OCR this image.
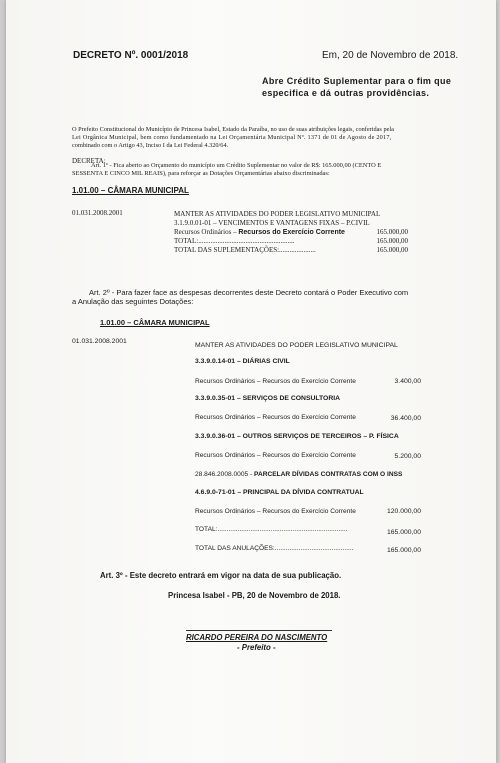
DECRETO Nº. 0001/2018	Em, 20 de Novembro de 2018.
Abre Crédito Suplementar para o fim que
especifica e dá outras providências.
O Prefeito Constitucional do Município de Princesa Isabel, Estado da Paraíba, no uso de suas atribuições legais, conferidas pela
Lei Orgânica Municipal, bem como fundamentado na Lei Orçamentária Municipal Nº. 1371 de 01 de Agosto de 2017,
combinado com o Artigo 43, Inciso I da Lei Federal 4.320/64.
DECRETA:
Art. 1º - Fica aberto ao Orçamento do município um Crédito Suplementar no valor de R$: 165.000,00 (CENTO E
SESSENTA E CINCO MIL REAIS), para reforçar as Dotações Orçamentárias abaixo discriminadas:
1.01.00 – CÂMARA MUNICIPAL
01.031.2008.2001	MANTER AS ATIVIDADES DO PODER LEGISLATIVO MUNICIPAL
3.1.9.0.01-01 – VENCIMENTOS E VANTAGENS FIXAS – P.CIVIL
Recursos Ordinários – Recursos do Exercício Corrente	165.000,00
TOTAL:.......................................................	165.000,00
TOTAL DAS SUPLEMENTAÇÕES:.....................	165.000,00
Art. 2º - Para fazer face as despesas decorrentes deste Decreto contará o Poder Executivo com
a Anulação das seguintes Dotações:
1.01.00 – CÂMARA MUNICIPAL
01.031.2008.2001
MANTER AS ATIVIDADES DO PODER LEGISLATIVO MUNICIPAL
3.3.9.0.14-01 – DIÁRIAS CIVIL
Recursos Ordinários – Recursos do Exercício Corrente	3.400,00
3.3.9.0.35-01 – SERVIÇOS DE CONSULTORIA
Recursos Ordinários – Recursos do Exercício Corrente	36.400,00
3.3.9.0.36-01 – OUTROS SERVIÇOS DE TERCEIROS – P. FÍSICA
Recursos Ordinários – Recursos do Exercício Corrente	5.200,00
28.846.2008.0005 - PARCELAR DÍVIDAS CONTRATAS COM O INSS
4.6.9.0-71-01 – PRINCIPAL DA DÍVIDA CONTRATUAL
Recursos Ordinários – Recursos do Exercício Corrente	120.000,00
TOTAL:.......................................................................	165.000,00
TOTAL DAS ANULAÇÕES:...........................................	165.000,00
Art. 3º - Este decreto entrará em vigor na data de sua publicação.
Princesa Isabel - PB, 20 de Novembro de 2018.
RICARDO PEREIRA DO NASCIMENTO
- Prefeito -
